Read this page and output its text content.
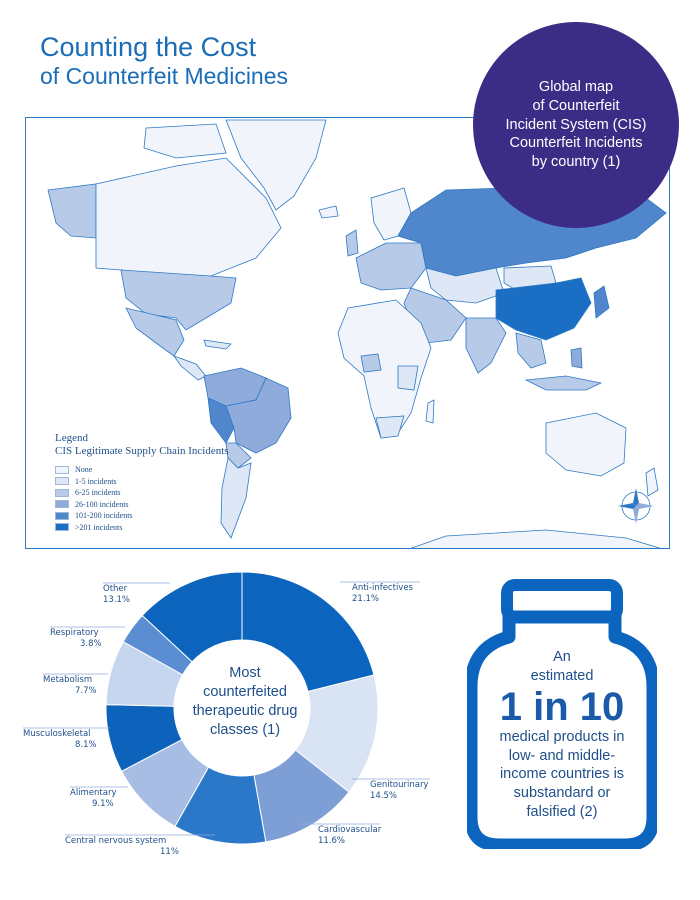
Counting the Cost
of Counterfeit Medicines	Global map
of Counterfeit
Incident System (CIS)
Counterfeit Incidents
by country (1)
Legend
CIS Legitimate Supply Chain Incidents
None
1-5 incidents
6-25 incidents
26-100 incidents
101-200 incidents
>201 incidents
Anti-infectives
21.1%
Genitourinary
14.5%
Cardiovascular
11.6%
Central nervous system
11%
Alimentary
9.1%
Musculoskeletal
8.1%
Metabolism
7.7%
Respiratory
3.8%
Other
13.1%
Most
counterfeited
therapeutic drug
classes (1)
An
estimated
1 in 10
medical products in
low- and middle-
income countries is
substandard or
falsified (2)
